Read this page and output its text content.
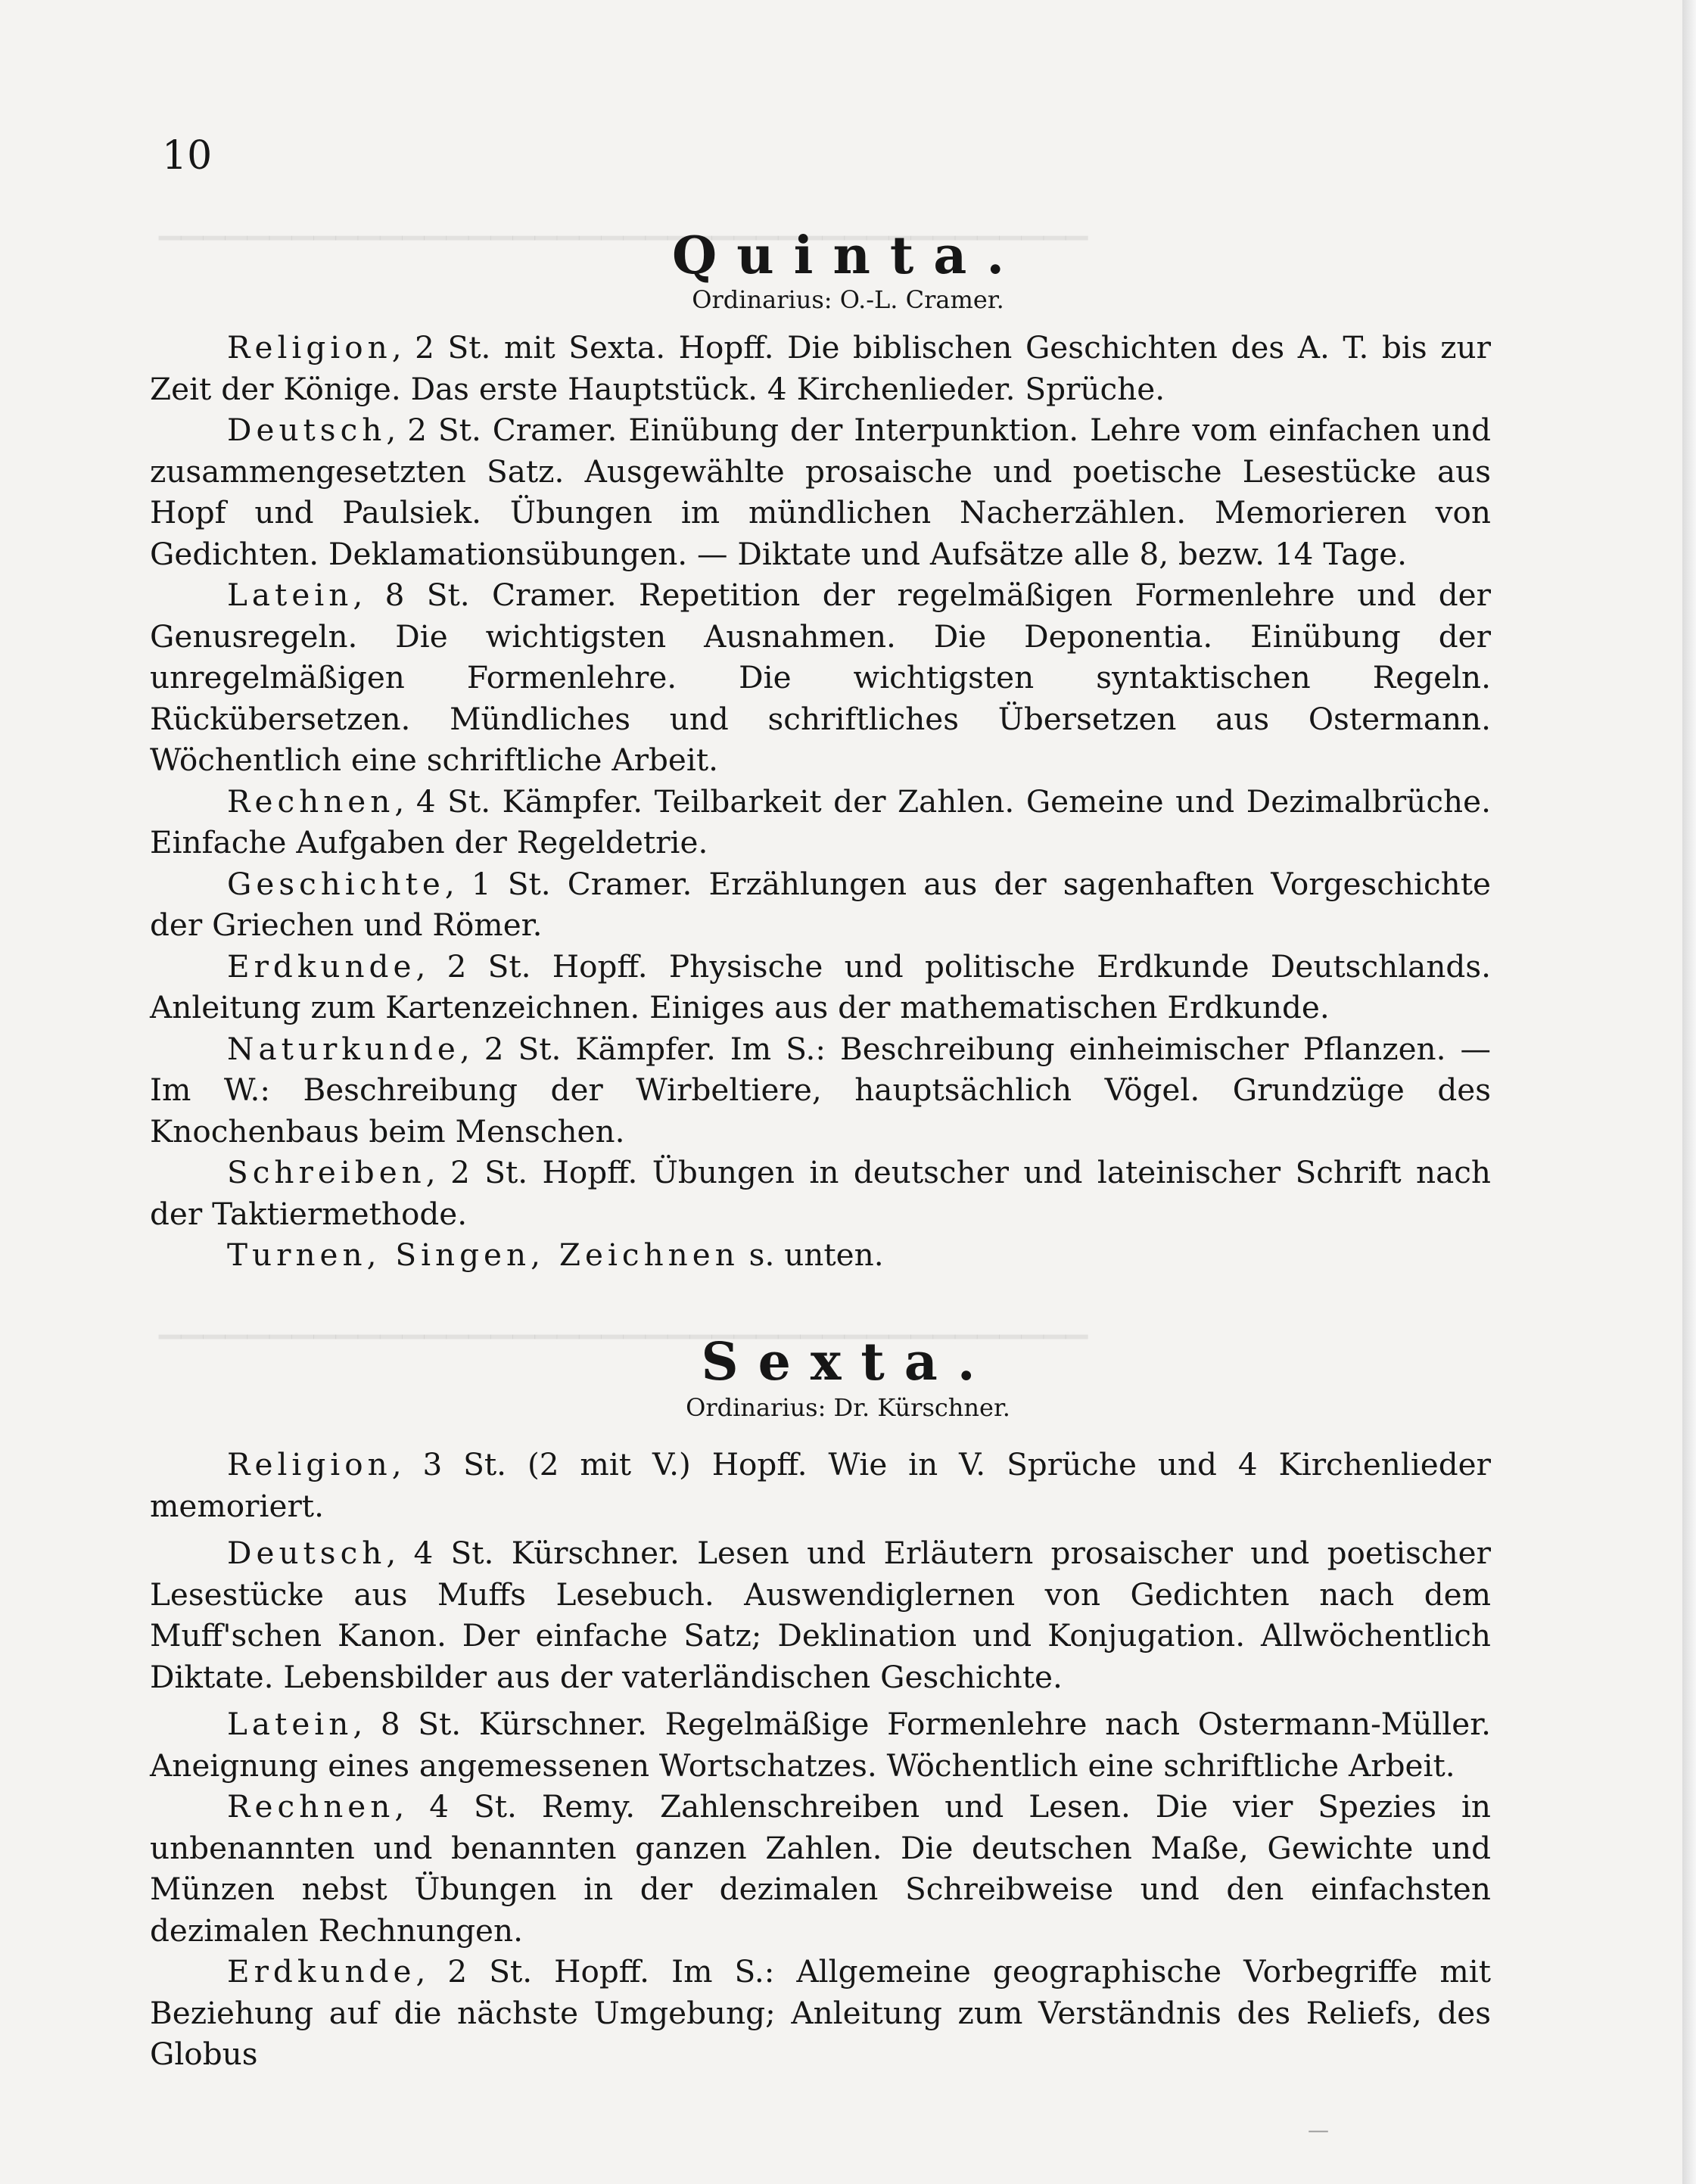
▁▁▁▁▁▁▁▁▁▁▁▁▁▁▁▁▁▁▁▁▁▁▁▁▁▁▁▁▁▁▁▁▁▁▁▁▁▁▁▁▁▁
▁▁▁▁▁▁▁▁▁▁▁▁▁▁▁▁▁▁▁▁▁▁▁▁▁▁▁▁▁▁▁▁▁▁▁▁▁▁▁▁▁▁
10
Quinta.
Ordinarius: O.-L. Cramer.

Religion, 2 St. mit Sexta. Hopff. Die biblischen Geschichten des A. T. bis zur Zeit der Könige. Das erste Hauptstück. 4 Kirchenlieder. Sprüche.

Deutsch, 2 St. Cramer. Einübung der Interpunktion. Lehre vom einfachen und zusammengesetzten Satz. Ausgewählte prosaische und poetische Lesestücke aus Hopf und Paulsiek. Übungen im mündlichen Nacherzählen. Memorieren von Gedichten. Deklamationsübungen. — Diktate und Aufsätze alle 8, bezw. 14 Tage.

Latein, 8 St. Cramer. Repetition der regelmäßigen Formenlehre und der Genusregeln. Die wichtigsten Ausnahmen. Die Deponentia. Einübung der unregelmäßigen Formenlehre. Die wichtigsten syntaktischen Regeln. Rückübersetzen. Mündliches und schriftliches Übersetzen aus Ostermann. Wöchentlich eine schriftliche Arbeit.

Rechnen, 4 St. Kämpfer. Teilbarkeit der Zahlen. Gemeine und Dezimalbrüche. Einfache Aufgaben der Regeldetrie.

Geschichte, 1 St. Cramer. Erzählungen aus der sagenhaften Vorgeschichte der Griechen und Römer.

Erdkunde, 2 St. Hopff. Physische und politische Erdkunde Deutschlands. Anleitung zum Kartenzeichnen. Einiges aus der mathematischen Erdkunde.

Naturkunde, 2 St. Kämpfer. Im S.: Beschreibung einheimischer Pflanzen. — Im W.: Beschreibung der Wirbeltiere, hauptsächlich Vögel. Grundzüge des Knochenbaus beim Menschen.

Schreiben, 2 St. Hopff. Übungen in deutscher und lateinischer Schrift nach der Taktiermethode.

Turnen, Singen, Zeichnen s. unten.

Sexta.
Ordinarius: Dr. Kürschner.

Religion, 3 St. (2 mit V.) Hopff. Wie in V. Sprüche und 4 Kirchenlieder memoriert.

Deutsch, 4 St. Kürschner. Lesen und Erläutern prosaischer und poetischer Lesestücke aus Muffs Lesebuch. Auswendiglernen von Gedichten nach dem Muff'schen Kanon. Der einfache Satz; Deklination und Konjugation. Allwöchentlich Diktate. Lebensbilder aus der vaterländischen Geschichte.

Latein, 8 St. Kürschner. Regelmäßige Formenlehre nach Ostermann-Müller. Aneignung eines angemessenen Wortschatzes. Wöchentlich eine schriftliche Arbeit.

Rechnen, 4 St. Remy. Zahlenschreiben und Lesen. Die vier Spezies in unbenannten und benannten ganzen Zahlen. Die deutschen Maße, Gewichte und Münzen nebst Übungen in der dezimalen Schreibweise und den einfachsten dezimalen Rechnungen.

Erdkunde, 2 St. Hopff. Im S.: Allgemeine geographische Vorbegriffe mit Beziehung auf die nächste Umgebung; Anleitung zum Verständnis des Reliefs, des Globus

—
